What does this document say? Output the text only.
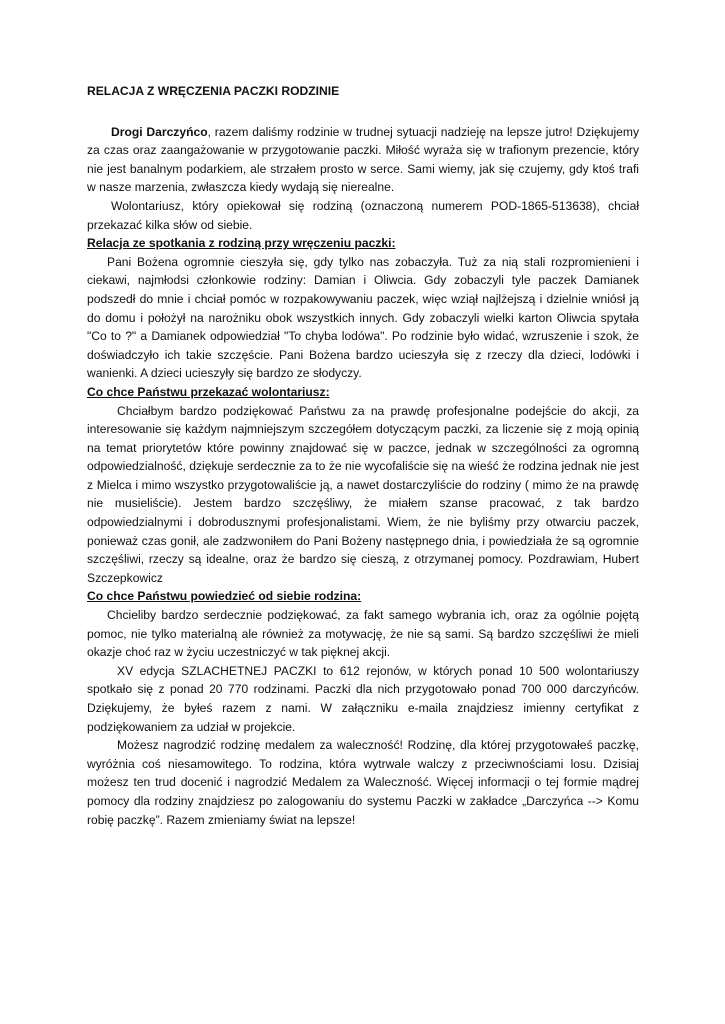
RELACJA Z WRĘCZENIA PACZKI RODZINIE

Drogi Darczyńco, razem daliśmy rodzinie w trudnej sytuacji nadzieję na lepsze jutro! Dziękujemy za czas oraz zaangażowanie w przygotowanie paczki. Miłość wyraża się w trafionym prezencie, który nie jest banalnym podarkiem, ale strzałem prosto w serce. Sami wiemy, jak się czujemy, gdy ktoś trafi w nasze marzenia, zwłaszcza kiedy wydają się nierealne.

Wolontariusz, który opiekował się rodziną (oznaczoną numerem POD-1865-513638), chciał przekazać kilka słów od siebie.

Relacja ze spotkania z rodziną przy wręczeniu paczki:

Pani Bożena ogromnie cieszyła się, gdy tylko nas zobaczyła. Tuż za nią stali rozpromienieni i ciekawi, najmłodsi członkowie rodziny: Damian i Oliwcia. Gdy zobaczyli tyle paczek Damianek podszedł do mnie i chciał pomóc w rozpakowywaniu paczek, więc wziął najlżejszą i dzielnie wniósł ją do domu i położył na narożniku obok wszystkich innych. Gdy zobaczyli wielki karton Oliwcia spytała "Co to ?" a Damianek odpowiedział "To chyba lodówa". Po rodzinie było widać, wzruszenie i szok, że doświadczyło ich takie szczęście. Pani Bożena bardzo ucieszyła się z rzeczy dla dzieci, lodówki i wanienki. A dzieci ucieszyły się bardzo ze słodyczy.

Co chce Państwu przekazać wolontariusz:

Chciałbym bardzo podziękować Państwu za na prawdę profesjonalne podejście do akcji, za interesowanie się każdym najmniejszym szczegółem dotyczącym paczki, za liczenie się z moją opinią na temat priorytetów które powinny znajdować się w paczce, jednak w szczególności za ogromną odpowiedzialność, dziękuje serdecznie za to że nie wycofaliście się na wieść że rodzina jednak nie jest z Mielca i mimo wszystko przygotowaliście ją, a nawet dostarczyliście do rodziny ( mimo że na prawdę nie musieliście). Jestem bardzo szczęśliwy, że miałem szanse pracować, z tak bardzo odpowiedzialnymi i dobrodusznymi profesjonalistami. Wiem, że nie byliśmy przy otwarciu paczek, ponieważ czas gonił, ale zadzwoniłem do Pani Bożeny następnego dnia, i powiedziała że są ogromnie szczęśliwi, rzeczy są idealne, oraz że bardzo się cieszą, z otrzymanej pomocy. Pozdrawiam, Hubert Szczepkowicz

Co chce Państwu powiedzieć od siebie rodzina:

Chcieliby bardzo serdecznie podziękować, za fakt samego wybrania ich, oraz za ogólnie pojętą pomoc, nie tylko materialną ale również za motywację, że nie są sami. Są bardzo szczęśliwi że mieli okazje choć raz w życiu uczestniczyć w tak pięknej akcji.

XV edycja SZLACHETNEJ PACZKI to 612 rejonów, w których ponad 10 500 wolontariuszy spotkało się z ponad 20 770 rodzinami. Paczki dla nich przygotowało ponad 700 000 darczyńców. Dziękujemy, że byłeś razem z nami. W załączniku e-maila znajdziesz imienny certyfikat z podziękowaniem za udział w projekcie.

Możesz nagrodzić rodzinę medalem za waleczność! Rodzinę, dla której przygotowałeś paczkę, wyróżnia coś niesamowitego. To rodzina, która wytrwale walczy z przeciwnościami losu. Dzisiaj możesz ten trud docenić i nagrodzić Medalem za Waleczność. Więcej informacji o tej formie mądrej pomocy dla rodziny znajdziesz po zalogowaniu do systemu Paczki w zakładce „Darczyńca --> Komu robię paczkę”. Razem zmieniamy świat na lepsze!
